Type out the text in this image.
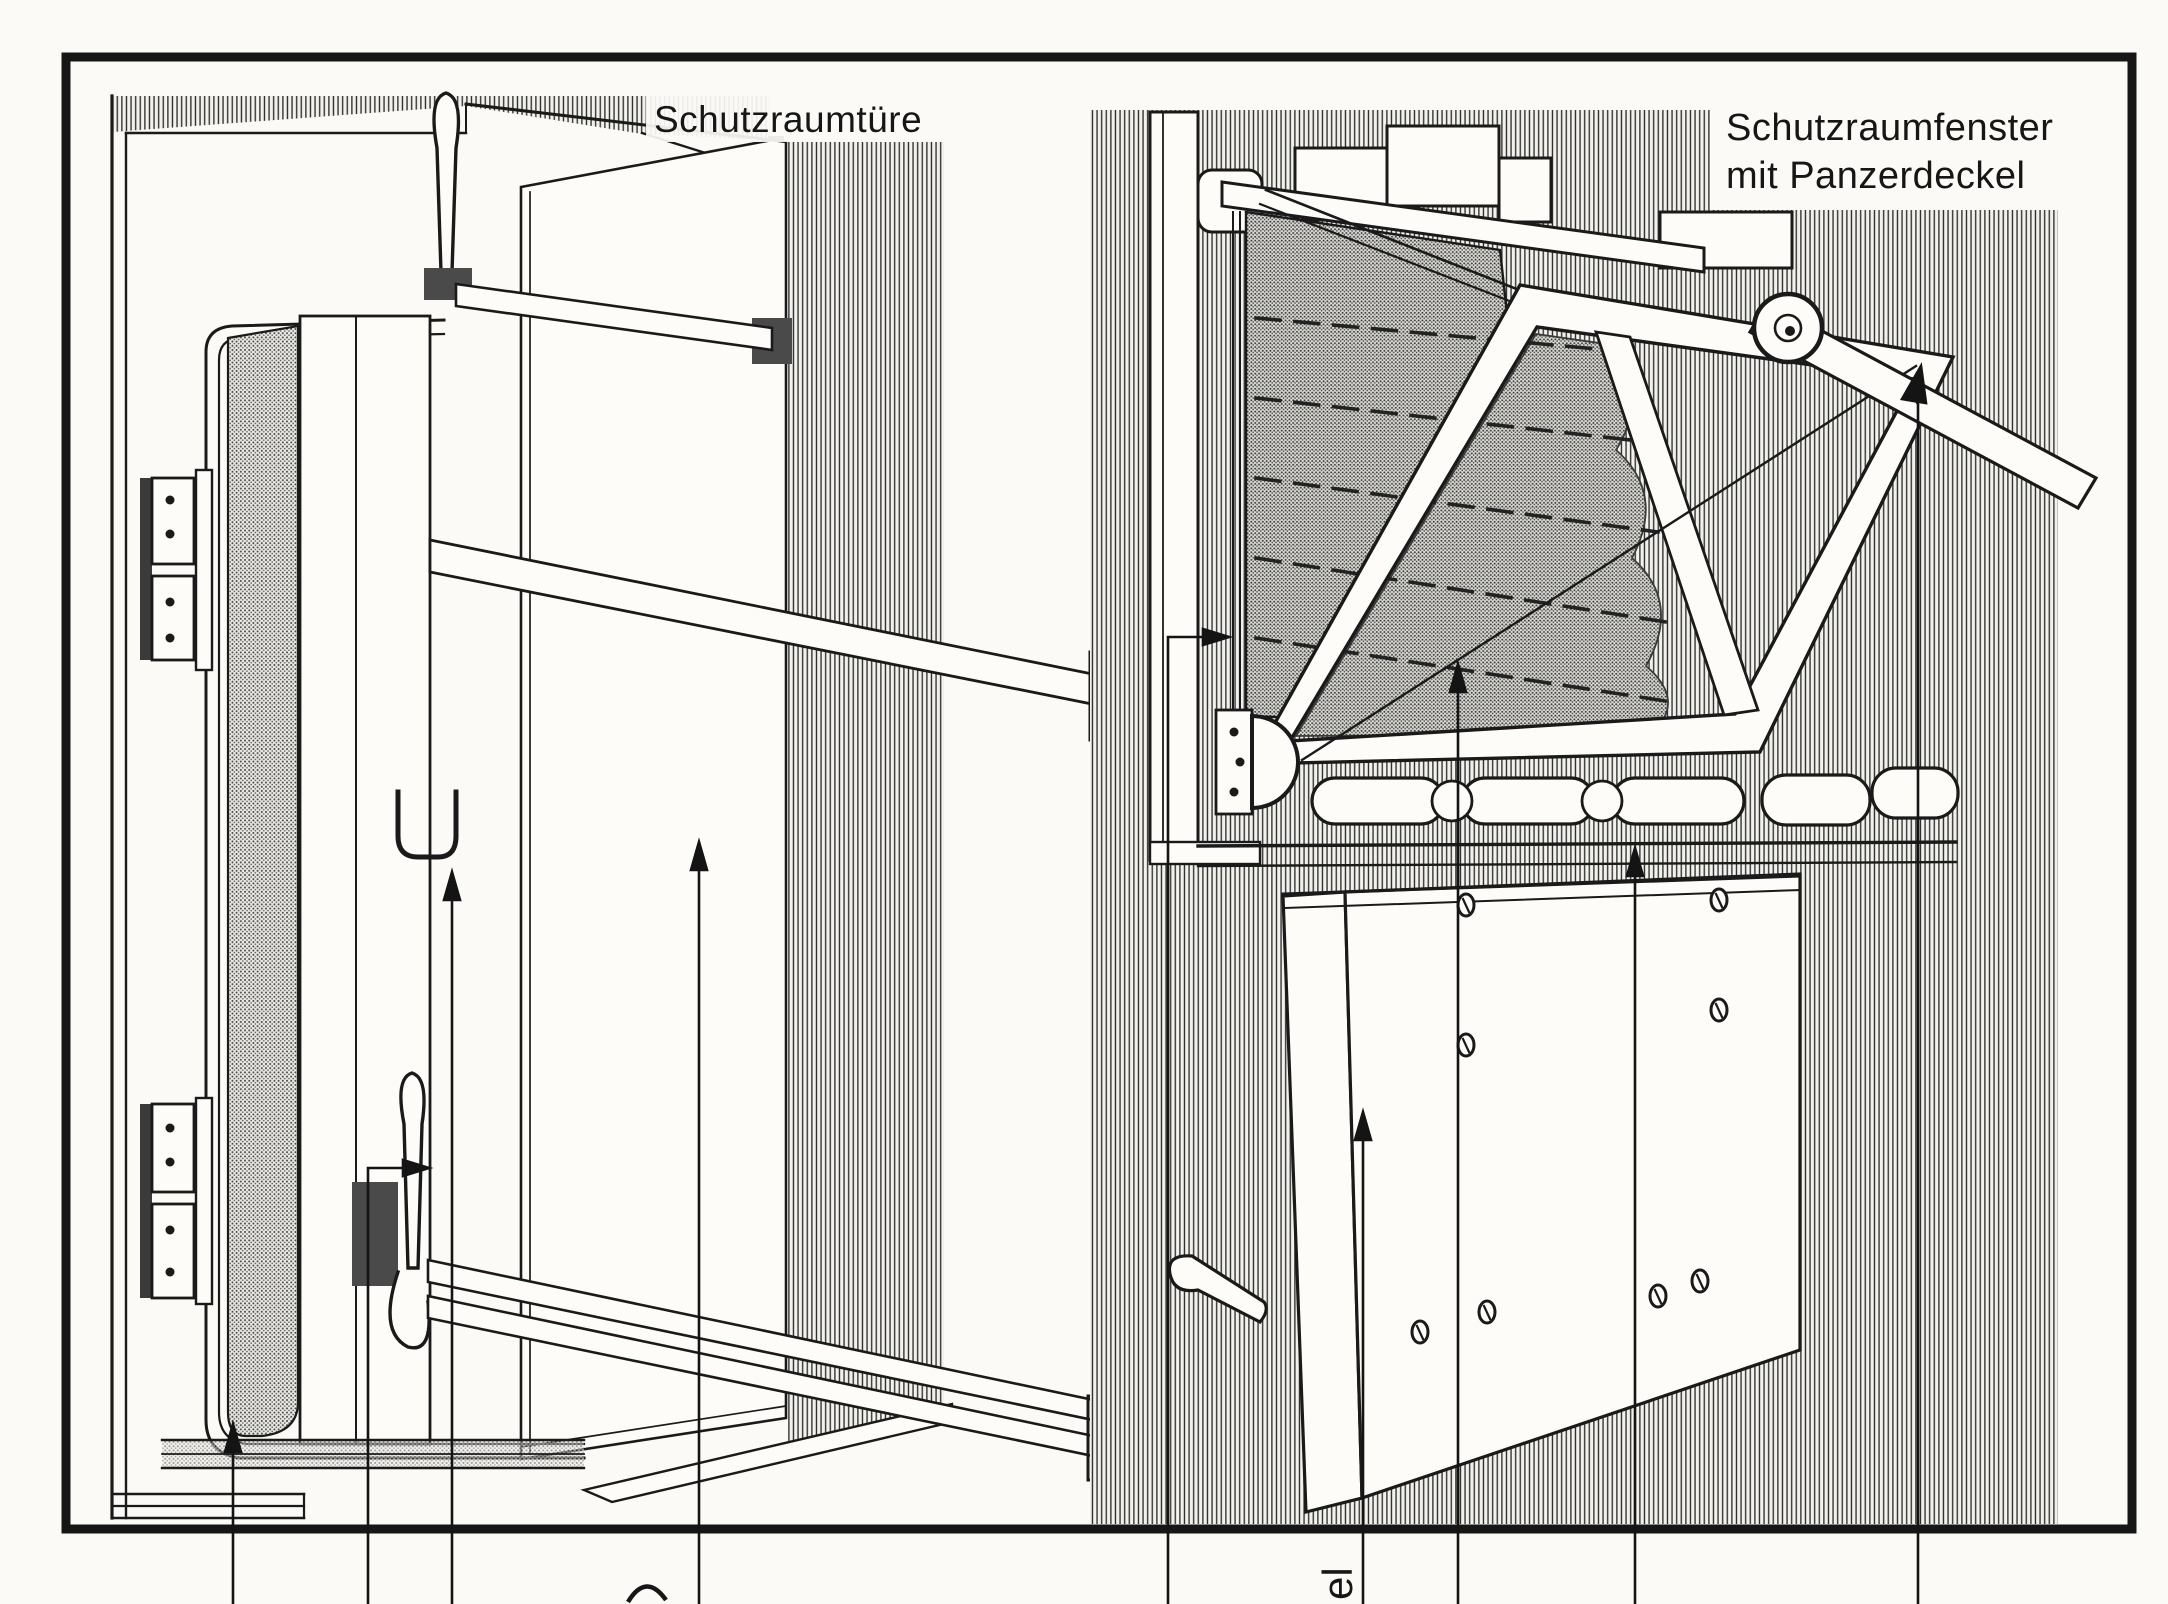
Schutzraumtüre	Schutzraumfenster
mit Panzerdeckel
el
